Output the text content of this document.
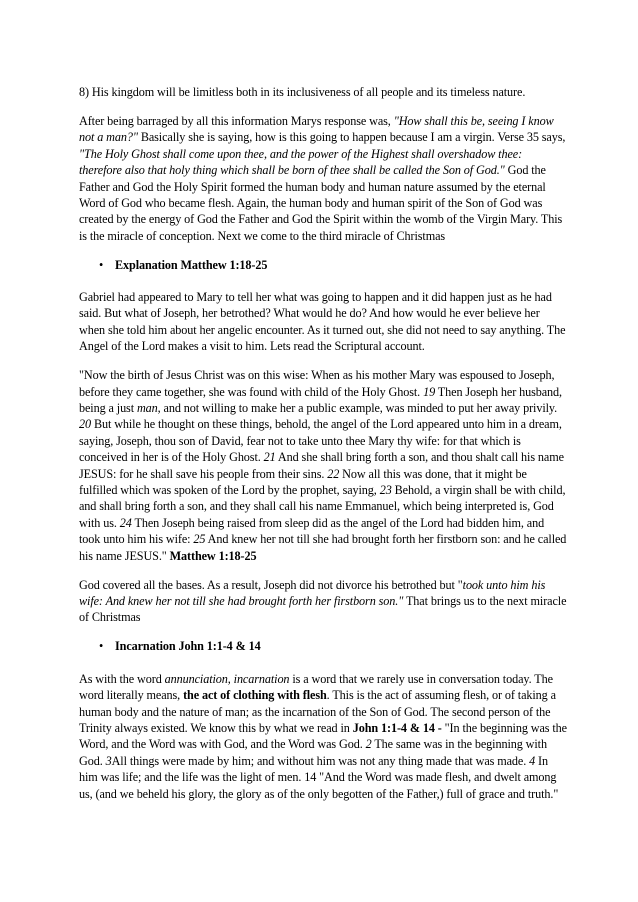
8) His kingdom will be limitless both in its inclusiveness of all people and its timeless nature.

After being barraged by all this information Marys response was, "How shall this be, seeing I know not a man?" Basically she is saying, how is this going to happen because I am a virgin. Verse 35 says, "The Holy Ghost shall come upon thee, and the power of the Highest shall overshadow thee: therefore also that holy thing which shall be born of thee shall be called the Son of God." God the Father and God the Holy Spirit formed the human body and human nature assumed by the eternal Word of God who became flesh. Again, the human body and human spirit of the Son of God was created by the energy of God the Father and God the Spirit within the womb of the Virgin Mary. This is the miracle of conception. Next we come to the third miracle of Christmas

• Explanation Matthew 1:18-25

Gabriel had appeared to Mary to tell her what was going to happen and it did happen just as he had said. But what of Joseph, her betrothed? What would he do? And how would he ever believe her when she told him about her angelic encounter. As it turned out, she did not need to say anything. The Angel of the Lord makes a visit to him. Lets read the Scriptural account.

"Now the birth of Jesus Christ was on this wise: When as his mother Mary was espoused to Joseph, before they came together, she was found with child of the Holy Ghost. 19 Then Joseph her husband, being a just man, and not willing to make her a public example, was minded to put her away privily. 20 But while he thought on these things, behold, the angel of the Lord appeared unto him in a dream, saying, Joseph, thou son of David, fear not to take unto thee Mary thy wife: for that which is conceived in her is of the Holy Ghost. 21 And she shall bring forth a son, and thou shalt call his name JESUS: for he shall save his people from their sins. 22 Now all this was done, that it might be fulfilled which was spoken of the Lord by the prophet, saying, 23 Behold, a virgin shall be with child, and shall bring forth a son, and they shall call his name Emmanuel, which being interpreted is, God with us. 24 Then Joseph being raised from sleep did as the angel of the Lord had bidden him, and took unto him his wife: 25 And knew her not till she had brought forth her firstborn son: and he called his name JESUS." Matthew 1:18-25

God covered all the bases. As a result, Joseph did not divorce his betrothed but "took unto him his wife: And knew her not till she had brought forth her firstborn son." That brings us to the next miracle of Christmas

• Incarnation John 1:1-4 & 14

As with the word annunciation, incarnation is a word that we rarely use in conversation today. The word literally means, the act of clothing with flesh. This is the act of assuming flesh, or of taking a human body and the nature of man; as the incarnation of the Son of God. The second person of the Trinity always existed. We know this by what we read in John 1:1-4 & 14 - "In the beginning was the Word, and the Word was with God, and the Word was God. 2 The same was in the beginning with God. 3All things were made by him; and without him was not any thing made that was made. 4 In him was life; and the life was the light of men. 14 "And the Word was made flesh, and dwelt among us, (and we beheld his glory, the glory as of the only begotten of the Father,) full of grace and truth."
